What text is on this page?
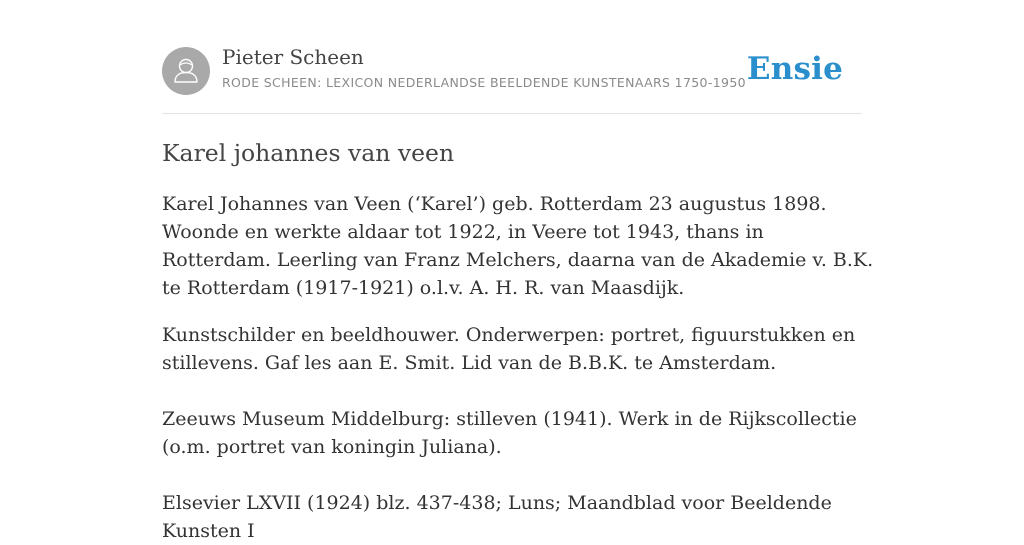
Pieter Scheen
RODE SCHEEN: LEXICON NEDERLANDSE BEELDENDE KUNSTENAARS 1750-1950 Ensie
Karel johannes van veen

Karel Johannes van Veen (‘Karel’) geb. Rotterdam 23 augustus 1898. Woonde en werkte aldaar tot 1922, in Veere tot 1943, thans in Rotterdam. Leerling van Franz Melchers, daarna van de Akademie v. B.K. te Rotterdam (1917-1921) o.l.v. A. H. R. van Maasdijk.

Kunstschilder en beeldhouwer. Onderwerpen: portret, figuurstukken en stillevens. Gaf les aan E. Smit. Lid van de B.B.K. te Amsterdam.

Zeeuws Museum Middelburg: stilleven (1941). Werk in de Rijkscollectie (o.m. portret van koningin Juliana).

Elsevier LXVII (1924) blz. 437-438; Luns; Maandblad voor Beeldende Kunsten I
